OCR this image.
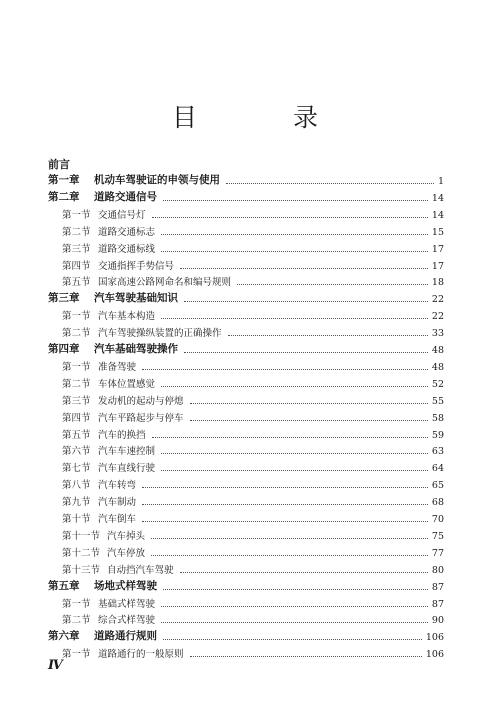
目 录
前言
第一章	机动车驾驶证的申领与使用	1
第二章	道路交通信号	14
第一节 交通信号灯	14
第二节 道路交通标志	15
第三节 道路交通标线	17
第四节 交通指挥手势信号	17
第五节 国家高速公路网命名和编号规则	18
第三章	汽车驾驶基础知识	22
第一节 汽车基本构造	22
第二节 汽车驾驶操纵装置的正确操作	33
第四章	汽车基础驾驶操作	48
第一节 准备驾驶	48
第二节 车体位置感觉	52
第三节 发动机的起动与停熄	55
第四节 汽车平路起步与停车	58
第五节 汽车的换挡	59
第六节 汽车车速控制	63
第七节 汽车直线行驶	64
第八节 汽车转弯	65
第九节 汽车制动	68
第十节 汽车倒车	70
第十一节 汽车掉头	75
第十二节 汽车停放	77
第十三节 自动挡汽车驾驶	80
第五章	场地式样驾驶	87
第一节 基础式样驾驶	87
第二节 综合式样驾驶	90
第六章	道路通行规则	106
第一节 道路通行的一般原则	106
Ⅳ
